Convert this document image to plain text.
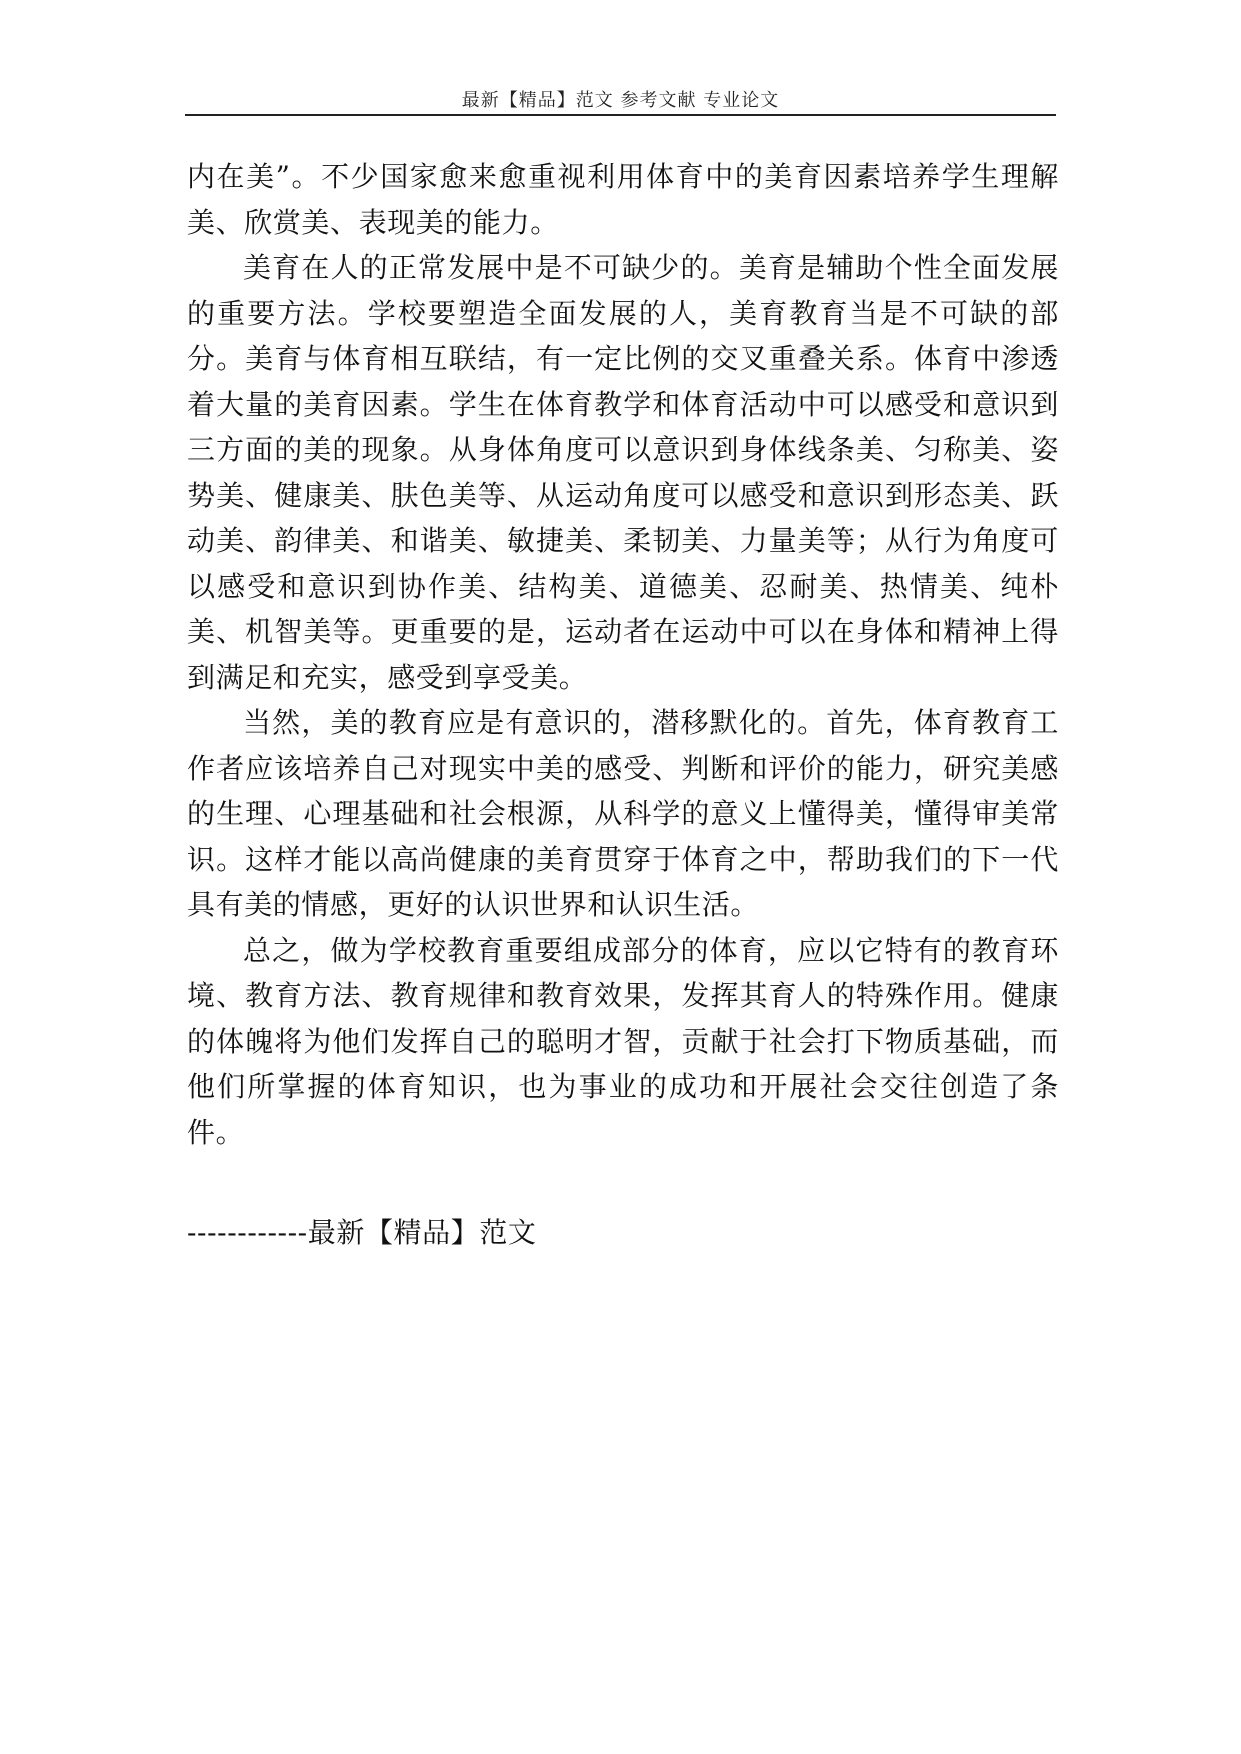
最新【精品】范文 参考文献 专业论文

内在美”。不少国家愈来愈重视利用体育中的美育因素培养学生理解美、欣赏美、表现美的能力。

美育在人的正常发展中是不可缺少的。美育是辅助个性全面发展的重要方法。学校要塑造全面发展的人，美育教育当是不可缺的部分。美育与体育相互联结，有一定比例的交叉重叠关系。体育中渗透着大量的美育因素。学生在体育教学和体育活动中可以感受和意识到三方面的美的现象。从身体角度可以意识到身体线条美、匀称美、姿势美、健康美、肤色美等、从运动角度可以感受和意识到形态美、跃动美、韵律美、和谐美、敏捷美、柔韧美、力量美等；从行为角度可以感受和意识到协作美、结构美、道德美、忍耐美、热情美、纯朴美、机智美等。更重要的是，运动者在运动中可以在身体和精神上得到满足和充实，感受到享受美。

当然，美的教育应是有意识的，潜移默化的。首先，体育教育工作者应该培养自己对现实中美的感受、判断和评价的能力，研究美感的生理、心理基础和社会根源，从科学的意义上懂得美，懂得审美常识。这样才能以高尚健康的美育贯穿于体育之中，帮助我们的下一代具有美的情感，更好的认识世界和认识生活。

总之，做为学校教育重要组成部分的体育，应以它特有的教育环境、教育方法、教育规律和教育效果，发挥其育人的特殊作用。健康的体魄将为他们发挥自己的聪明才智，贡献于社会打下物质基础，而他们所掌握的体育知识，也为事业的成功和开展社会交往创造了条件。

------------最新【精品】范文
